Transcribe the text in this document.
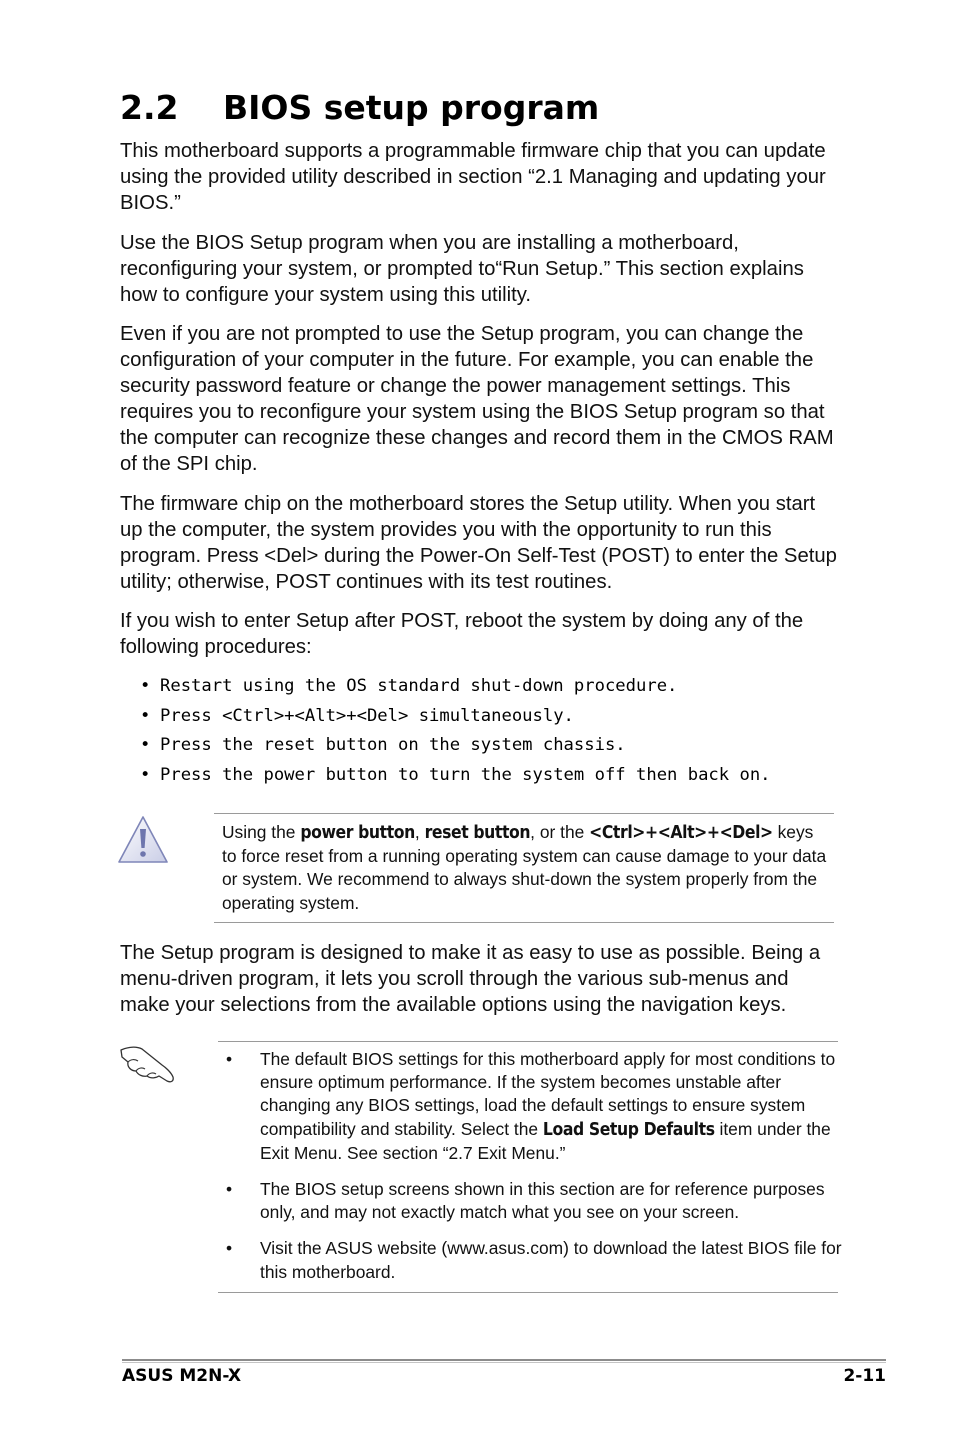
2.2 BIOS setup program

This motherboard supports a programmable firmware chip that you can update using the provided utility described in section “2.1 Managing and updating your BIOS.”

Use the BIOS Setup program when you are installing a motherboard, reconfiguring your system, or prompted to“Run Setup.” This section explains how to configure your system using this utility.

Even if you are not prompted to use the Setup program, you can change the configuration of your computer in the future. For example, you can enable the security password feature or change the power management settings. This requires you to reconfigure your system using the BIOS Setup program so that the computer can recognize these changes and record them in the CMOS RAM of the SPI chip.

The firmware chip on the motherboard stores the Setup utility. When you start up the computer, the system provides you with the opportunity to run this program. Press <Del> during the Power-On Self-Test (POST) to enter the Setup utility; otherwise, POST continues with its test routines.

If you wish to enter Setup after POST, reboot the system by doing any of the following procedures:

• Restart using the OS standard shut-down procedure.
• Press <Ctrl>+<Alt>+<Del> simultaneously.
• Press the reset button on the system chassis.
• Press the power button to turn the system off then back on.

Using the power button, reset button, or the <Ctrl>+<Alt>+<Del> keys to force reset from a running operating system can cause damage to your data or system. We recommend to always shut-down the system properly from the operating system.

The Setup program is designed to make it as easy to use as possible. Being a menu-driven program, it lets you scroll through the various sub-menus and make your selections from the available options using the navigation keys.

• The default BIOS settings for this motherboard apply for most conditions to ensure optimum performance. If the system becomes unstable after changing any BIOS settings, load the default settings to ensure system compatibility and stability. Select the Load Setup Defaults item under the Exit Menu. See section “2.7 Exit Menu.”
• The BIOS setup screens shown in this section are for reference purposes only, and may not exactly match what you see on your screen.
• Visit the ASUS website (www.asus.com) to download the latest BIOS file for this motherboard.

ASUS M2N-X	2-11
